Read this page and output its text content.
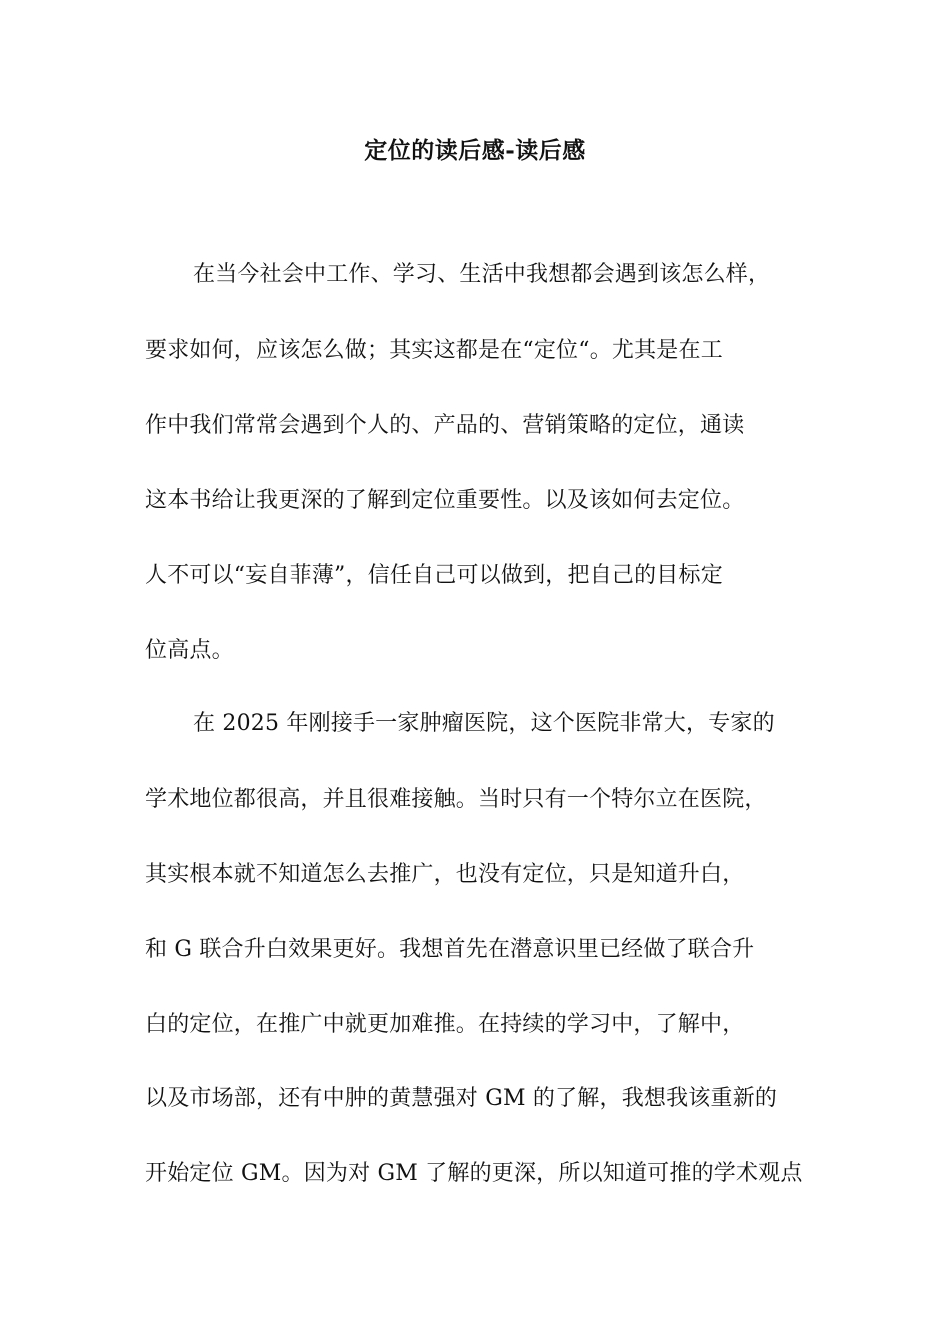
定位的读后感-读后感
在当今社会中工作、学习、生活中我想都会遇到该怎么样，
要求如何，应该怎么做；其实这都是在“定位“。尤其是在工
作中我们常常会遇到个人的、产品的、营销策略的定位，通读
这本书给让我更深的了解到定位重要性。以及该如何去定位。
人不可以“妄自菲薄”，信任自己可以做到，把自己的目标定
位高点。
在 2025 年刚接手一家肿瘤医院，这个医院非常大，专家的
学术地位都很高，并且很难接触。当时只有一个特尔立在医院，
其实根本就不知道怎么去推广，也没有定位，只是知道升白，
和 G 联合升白效果更好。我想首先在潜意识里已经做了联合升
白的定位，在推广中就更加难推。在持续的学习中，了解中，
以及市场部，还有中肿的黄慧强对 GM 的了解，我想我该重新的
开始定位 GM。因为对 GM 了解的更深，所以知道可推的学术观点
